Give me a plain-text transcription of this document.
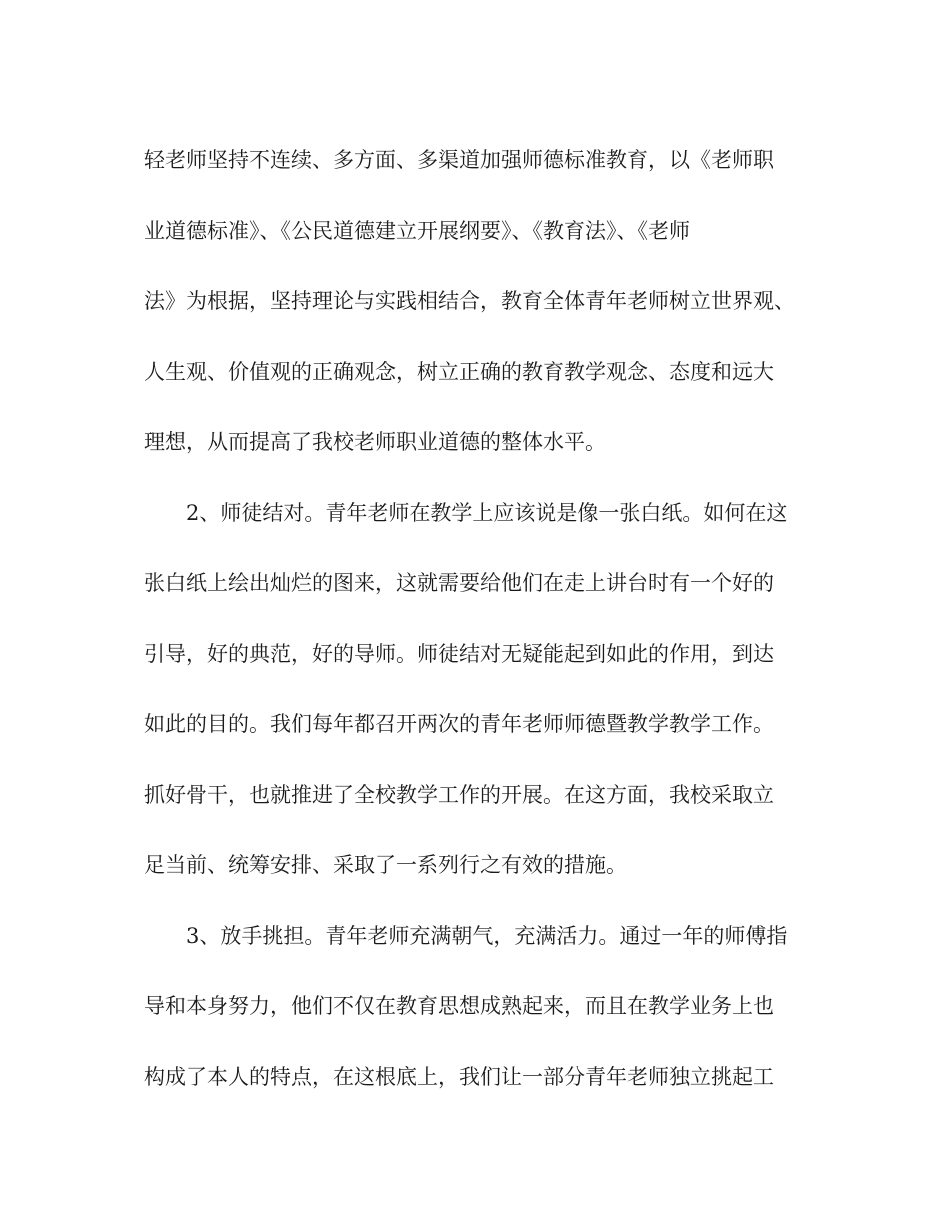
轻老师坚持不连续、多方面、多渠道加强师德标准教育，以《老师职
业道德标准》、《公民道德建立开展纲要》、《教育法》、《老师
法》为根据，坚持理论与实践相结合，教育全体青年老师树立世界观、
人生观、价值观的正确观念，树立正确的教育教学观念、态度和远大
理想，从而提高了我校老师职业道德的整体水平。
　　2、师徒结对。青年老师在教学上应该说是像一张白纸。如何在这
张白纸上绘出灿烂的图来，这就需要给他们在走上讲台时有一个好的
引导，好的典范，好的导师。师徒结对无疑能起到如此的作用，到达
如此的目的。我们每年都召开两次的青年老师师德暨教学教学工作。
抓好骨干，也就推进了全校教学工作的开展。在这方面，我校采取立
足当前、统筹安排、采取了一系列行之有效的措施。
　　3、放手挑担。青年老师充满朝气，充满活力。通过一年的师傅指
导和本身努力，他们不仅在教育思想成熟起来，而且在教学业务上也
构成了本人的特点，在这根底上，我们让一部分青年老师独立挑起工
